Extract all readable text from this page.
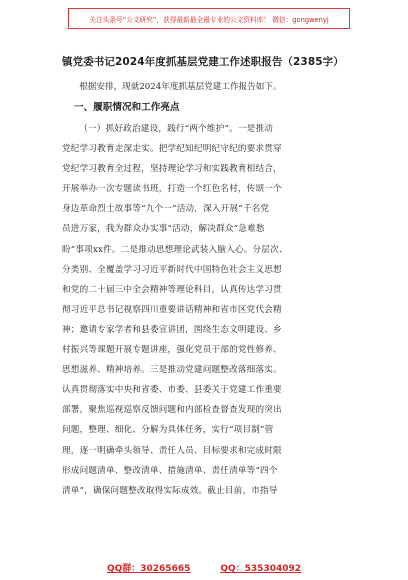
关注头条号“公文研究”，获得最新最全最专业的公文资料库！ 微信：gongwenyj
镇党委书记2024年度抓基层党建工作述职报告（2385字）

根据安排，现就2024年度抓基层党建工作报告如下。

一、履职情况和工作亮点
（一）抓好政治建设，践行“两个维护”。一是推动
党纪学习教育走深走实。把学纪知纪明纪守纪的要求贯穿
党纪学习教育全过程，坚持理论学习和实践教育相结合，
开展举办一次专题读书班，打造一个红色名村，传颂一个
身边革命烈士故事等“九个一”活动，深入开展“千名党
员进万家，我为群众办实事”活动，解决群众“急难愁
盼”事项xx件。二是推动思想理论武装入脑入心。分层次、
分类别、全覆盖学习习近平新时代中国特色社会主义思想
和党的二十届三中全会精神等理论科目，认真传达学习贯
彻习近平总书记视察四川重要讲话精神和省市区党代会精
神；邀请专家学者和县委宣讲团，围绕生态文明建设、乡
村振兴等课题开展专题讲座，强化党员干部的党性修养、
思想滋养、精神培养。三是推动党建问题整改落细落实。
认真贯彻落实中央和省委、市委、县委关于党建工作重要
部署，聚焦巡视巡察反馈问题和内部检查督查发现的突出
问题，整理、细化、分解为具体任务，实行“项目制”管
理，逐一明确牵头领导、责任人员、目标要求和完成时限
形成问题清单、整改清单、措施清单、责任清单等“四个
清单”，确保问题整改取得实际成效。截止目前，市指导
QQ群：30265665	QQ：535304092
